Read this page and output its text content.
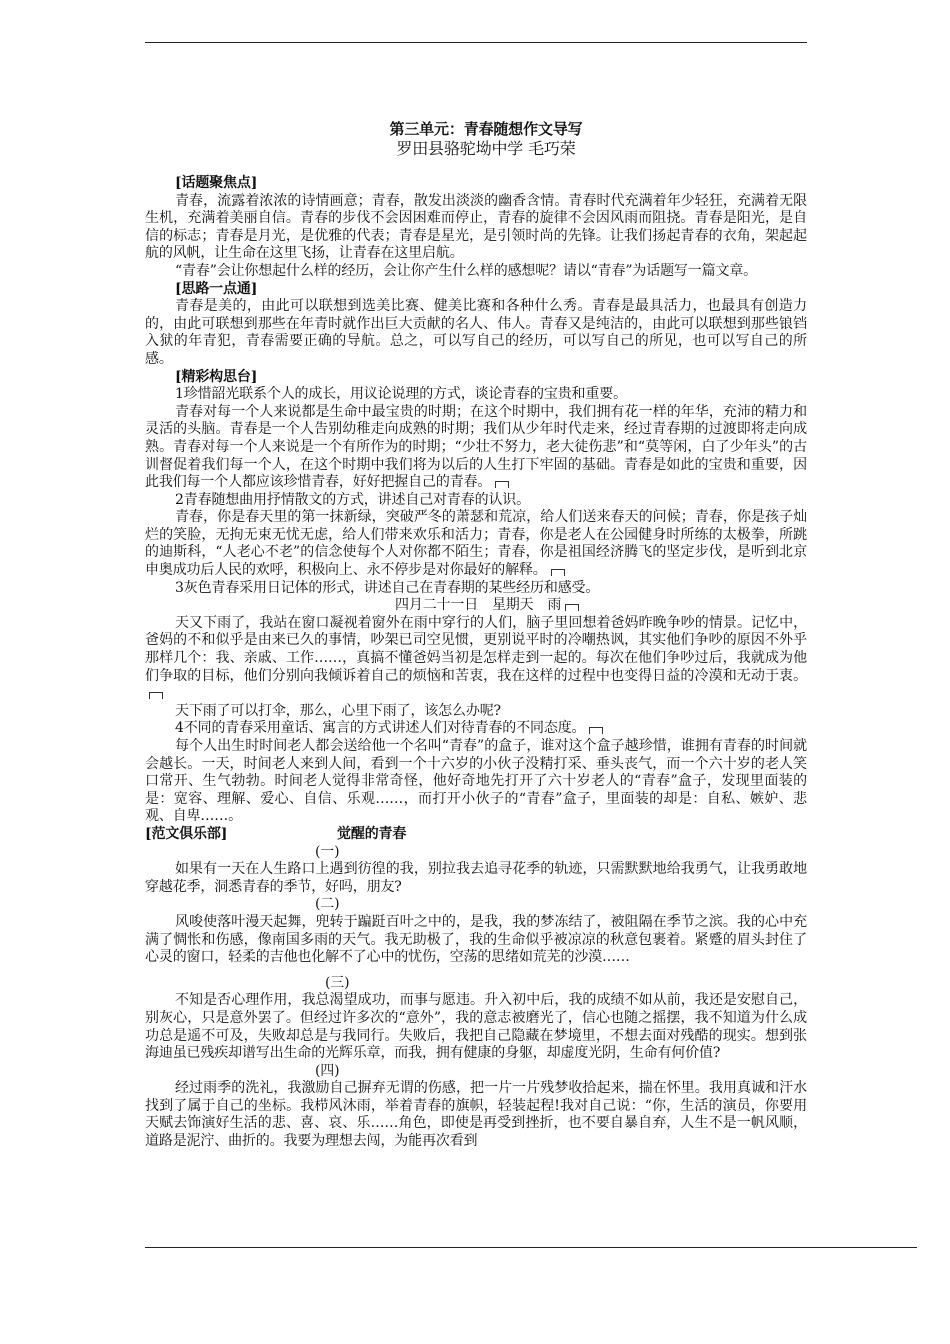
第三单元：青春随想作文导写
罗田县骆驼坳中学 毛巧荣
[话题聚焦点]

青春，流露着浓浓的诗情画意；青春，散发出淡淡的幽香含情。青春时代充满着年少轻狂，充满着无限生机，充满着美丽自信。青春的步伐不会因困难而停止，青春的旋律不会因风雨而阻挠。青春是阳光，是自信的标志；青春是月光，是优雅的代表；青春是星光，是引领时尚的先锋。让我们扬起青春的衣角，架起起航的风帆，让生命在这里飞扬，让青春在这里启航。

“青春”会让你想起什么样的经历，会让你产生什么样的感想呢？请以“青春”为话题写一篇文章。

[思路一点通]

青春是美的，由此可以联想到选美比赛、健美比赛和各种什么秀。青春是最具活力，也最具有创造力的，由此可联想到那些在年青时就作出巨大贡献的名人、伟人。青春又是纯洁的，由此可以联想到那些锒铛入狱的年青犯，青春需要正确的导航。总之，可以写自己的经历，可以写自己的所见，也可以写自己的所感。

[精彩构思台]

1珍惜韶光联系个人的成长，用议论说理的方式，谈论青春的宝贵和重要。

青春对每一个人来说都是生命中最宝贵的时期；在这个时期中，我们拥有花一样的年华，充沛的精力和灵活的头脑。青春是一个人告别幼稚走向成熟的时期；我们从少年时代走来，经过青春期的过渡即将走向成熟。青春对每一个人来说是一个有所作为的时期；“少壮不努力，老大徒伤悲”和“莫等闲，白了少年头”的古训督促着我们每一个人，在这个时期中我们将为以后的人生打下牢固的基础。青春是如此的宝贵和重要，因此我们每一个人都应该珍惜青春，好好把握自己的青春。

2青春随想曲用抒情散文的方式，讲述自己对青春的认识。

青春，你是春天里的第一抹新绿，突破严冬的萧瑟和荒凉，给人们送来春天的问候；青春，你是孩子灿烂的笑脸，无拘无束无忧无虑，给人们带来欢乐和活力；青春，你是老人在公园健身时所练的太极拳，所跳的迪斯科，“人老心不老”的信念使每个人对你都不陌生；青春，你是祖国经济腾飞的坚定步伐，是听到北京申奥成功后人民的欢呼，积极向上、永不停步是对你最好的解释。

3灰色青春采用日记体的形式，讲述自己在青春期的某些经历和感受。

四月二十一日　星期天　雨

天又下雨了，我站在窗口凝视着窗外在雨中穿行的人们，脑子里回想着爸妈昨晚争吵的情景。记忆中，爸妈的不和似乎是由来已久的事情，吵架已司空见惯，更别说平时的冷嘲热讽，其实他们争吵的原因不外乎那样几个：我、亲戚、工作……，真搞不懂爸妈当初是怎样走到一起的。每次在他们争吵过后，我就成为他们争取的目标，他们分别向我倾诉着自己的烦恼和苦衷，我在这样的过程中也变得日益的冷漠和无动于衷。

天下雨了可以打伞，那么，心里下雨了，该怎么办呢?

4不同的青春采用童话、寓言的方式讲述人们对待青春的不同态度。

每个人出生时时间老人都会送给他一个名叫“青春”的盒子，谁对这个盒子越珍惜，谁拥有青春的时间就会越长。一天，时间老人来到人间，看到一个十六岁的小伙子没精打采、垂头丧气，而一个六十岁的老人笑口常开、生气勃勃。时间老人觉得非常奇怪，他好奇地先打开了六十岁老人的“青春”盒子，发现里面装的是：宽容、理解、爱心、自信、乐观……，而打开小伙子的“青春”盒子，里面装的却是：自私、嫉妒、悲观、自卑……。

[范文俱乐部]	觉醒的青春
(一)

如果有一天在人生路口上遇到彷徨的我，别拉我去追寻花季的轨迹，只需默默地给我勇气，让我勇敢地穿越花季，洞悉青春的季节，好吗，朋友?

(二)

风唆使落叶漫天起舞，兜转于蹁跹百叶之中的，是我，我的梦冻结了，被阻隔在季节之滨。我的心中充满了惆怅和伤感，像南国多雨的天气。我无助极了，我的生命似乎被凉凉的秋意包裹着。紧蹙的眉头封住了心灵的窗口，轻柔的吉他也化解不了心中的忧伤，空荡的思绪如荒芜的沙漠……

(三)

不知是否心理作用，我总渴望成功，而事与愿违。升入初中后，我的成绩不如从前，我还是安慰自己，别灰心，只是意外罢了。但经过许多次的“意外”，我的意志被磨光了，信心也随之摇摆，我不知道为什么成功总是遥不可及，失败却总是与我同行。失败后，我把自己隐藏在梦境里，不想去面对残酷的现实。想到张海迪虽已残疾却谱写出生命的光辉乐章，而我，拥有健康的身躯，却虚度光阴，生命有何价值?

(四)

经过雨季的洗礼，我激励自己摒弃无谓的伤感，把一片一片残梦收拾起来，揣在怀里。我用真诚和汗水找到了属于自己的坐标。我栉风沐雨，举着青春的旗帜，轻装起程!我对自己说：“你，生活的演员，你要用天赋去饰演好生活的悲、喜、哀、乐……角色，即使是再受到挫折，也不要自暴自弃，人生不是一帆风顺，道路是泥泞、曲折的。我要为理想去闯，为能再次看到
